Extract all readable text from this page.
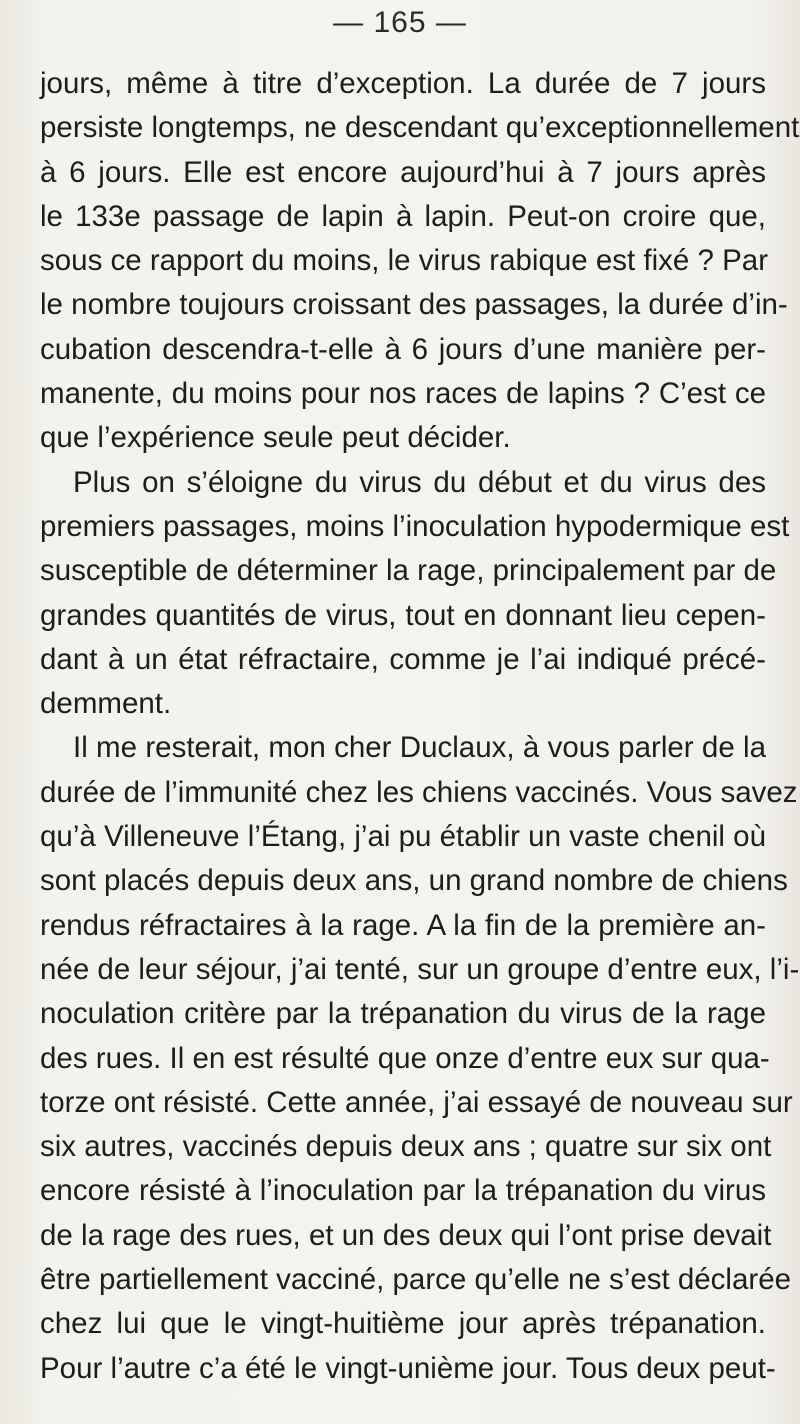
— 165 —
jours, même à titre d’exception. La durée de 7 jours
persiste longtemps, ne descendant qu’exceptionnellement
à 6 jours. Elle est encore aujourd’hui à 7 jours après
le 133e passage de lapin à lapin. Peut-on croire que,
sous ce rapport du moins, le virus rabique est fixé ? Par
le nombre toujours croissant des passages, la durée d’in-
cubation descendra-t-elle à 6 jours d’une manière per-
manente, du moins pour nos races de lapins ? C’est ce
que l’expérience seule peut décider.
Plus on s’éloigne du virus du début et du virus des
premiers passages, moins l’inoculation hypodermique est
susceptible de déterminer la rage, principalement par de
grandes quantités de virus, tout en donnant lieu cepen-
dant à un état réfractaire, comme je l’ai indiqué précé-
demment.
Il me resterait, mon cher Duclaux, à vous parler de la
durée de l’immunité chez les chiens vaccinés. Vous savez
qu’à Villeneuve l’Étang, j’ai pu établir un vaste chenil où
sont placés depuis deux ans, un grand nombre de chiens
rendus réfractaires à la rage. A la fin de la première an-
née de leur séjour, j’ai tenté, sur un groupe d’entre eux, l’i-
noculation critère par la trépanation du virus de la rage
des rues. Il en est résulté que onze d’entre eux sur qua-
torze ont résisté. Cette année, j’ai essayé de nouveau sur
six autres, vaccinés depuis deux ans ; quatre sur six ont
encore résisté à l’inoculation par la trépanation du virus
de la rage des rues, et un des deux qui l’ont prise devait
être partiellement vacciné, parce qu’elle ne s’est déclarée
chez lui que le vingt-huitième jour après trépanation.
Pour l’autre c’a été le vingt-unième jour. Tous deux peut-
